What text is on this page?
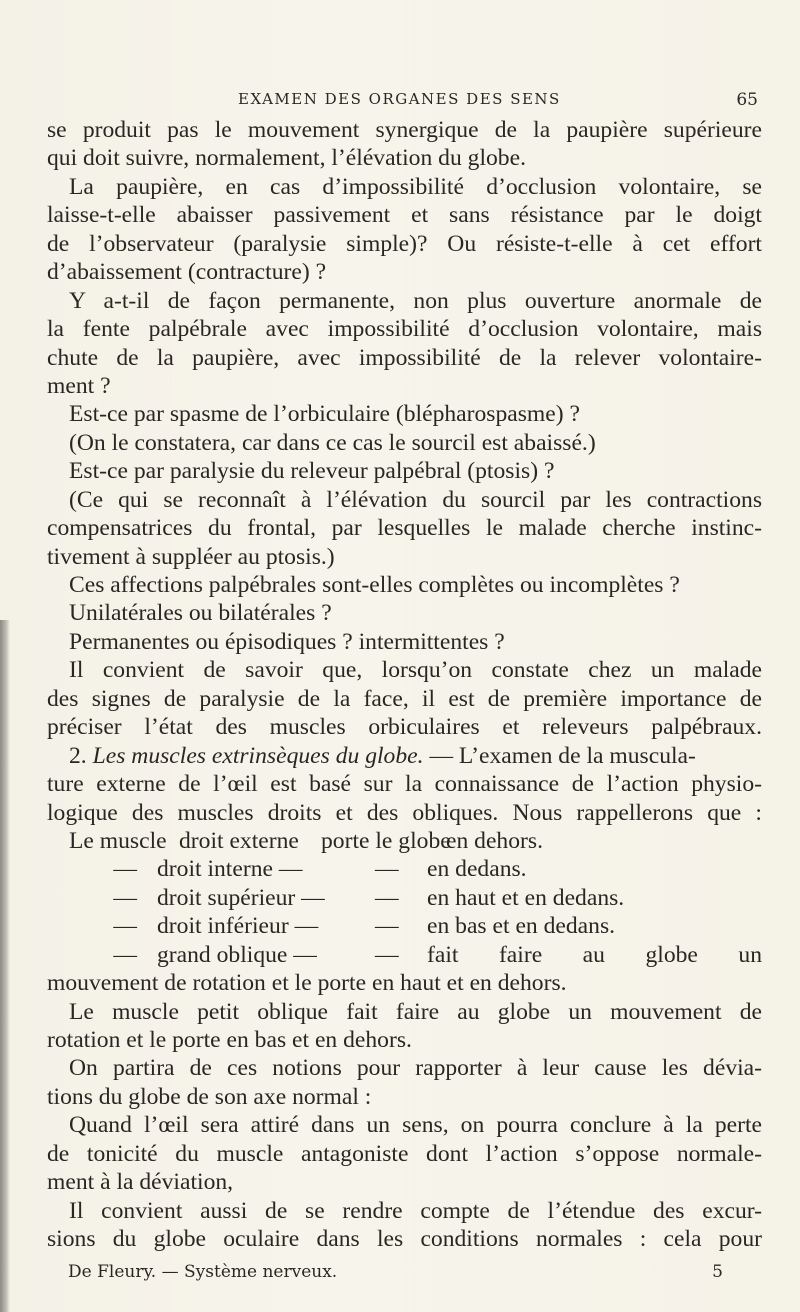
EXAMEN DES ORGANES DES SENS	65
se produit pas le mouvement synergique de la paupière supérieure
qui doit suivre, normalement, l’élévation du globe.
La paupière, en cas d’impossibilité d’occlusion volontaire, se
laisse-t-elle abaisser passivement et sans résistance par le doigt
de l’observateur (paralysie simple)? Ou résiste-t-elle à cet effort
d’abaissement (contracture) ?
Y a-t-il de façon permanente, non plus ouverture anormale de
la fente palpébrale avec impossibilité d’occlusion volontaire, mais
chute de la paupière, avec impossibilité de la relever volontaire-
ment ?
Est-ce par spasme de l’orbiculaire (blépharospasme) ?
(On le constatera, car dans ce cas le sourcil est abaissé.)
Est-ce par paralysie du releveur palpébral (ptosis) ?
(Ce qui se reconnaît à l’élévation du sourcil par les contractions
compensatrices du frontal, par lesquelles le malade cherche instinc-
tivement à suppléer au ptosis.)
Ces affections palpébrales sont-elles complètes ou incomplètes ?
Unilatérales ou bilatérales ?
Permanentes ou épisodiques ? intermittentes ?
Il convient de savoir que, lorsqu’on constate chez un malade
des signes de paralysie de la face, il est de première importance de
préciser l’état des muscles orbiculaires et releveurs palpébraux.
2. Les muscles extrinsèques du globe. — L’examen de la muscula-
ture externe de l’œil est basé sur la connaissance de l’action physio-
logique des muscles droits et des obliques. Nous rappellerons que :
Le muscle droit externe porte le globe
en dehors.
— droit interne —	—	en dedans.
— droit supérieur —	—	en haut et en dedans.
— droit inférieur —	—	en bas et en dedans.
— grand oblique —	—	fait faire au globe un
mouvement de rotation et le porte en haut et en dehors.
Le muscle petit oblique fait faire au globe un mouvement de
rotation et le porte en bas et en dehors.
On partira de ces notions pour rapporter à leur cause les dévia-
tions du globe de son axe normal :
Quand l’œil sera attiré dans un sens, on pourra conclure à la perte
de tonicité du muscle antagoniste dont l’action s’oppose normale-
ment à la déviation,
Il convient aussi de se rendre compte de l’étendue des excur-
sions du globe oculaire dans les conditions normales : cela pour
De Fleury. — Système nerveux.	5
